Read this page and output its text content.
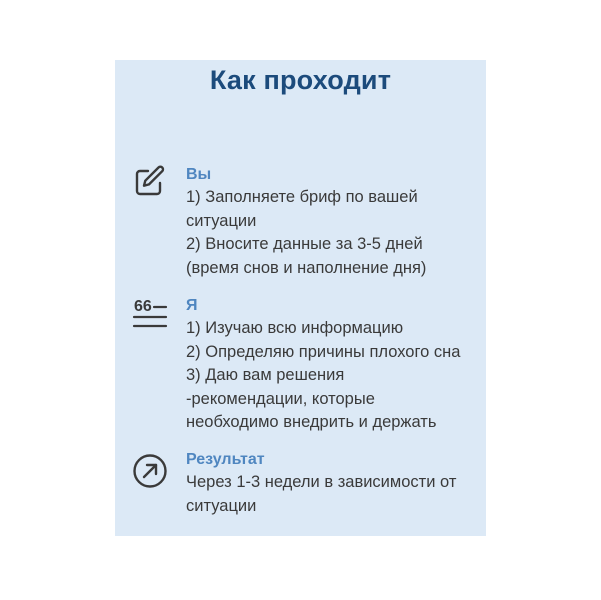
Как проходит
Вы
1) Заполняете бриф по вашей
ситуации
2) Вносите данные за 3-5 дней
(время снов и наполнение дня)
66 Я
1) Изучаю всю информацию
2) Определяю причины плохого сна
3) Даю вам решения
-рекомендации, которые
необходимо внедрить и держать
Результат
Через 1-3 недели в зависимости от
ситуации
